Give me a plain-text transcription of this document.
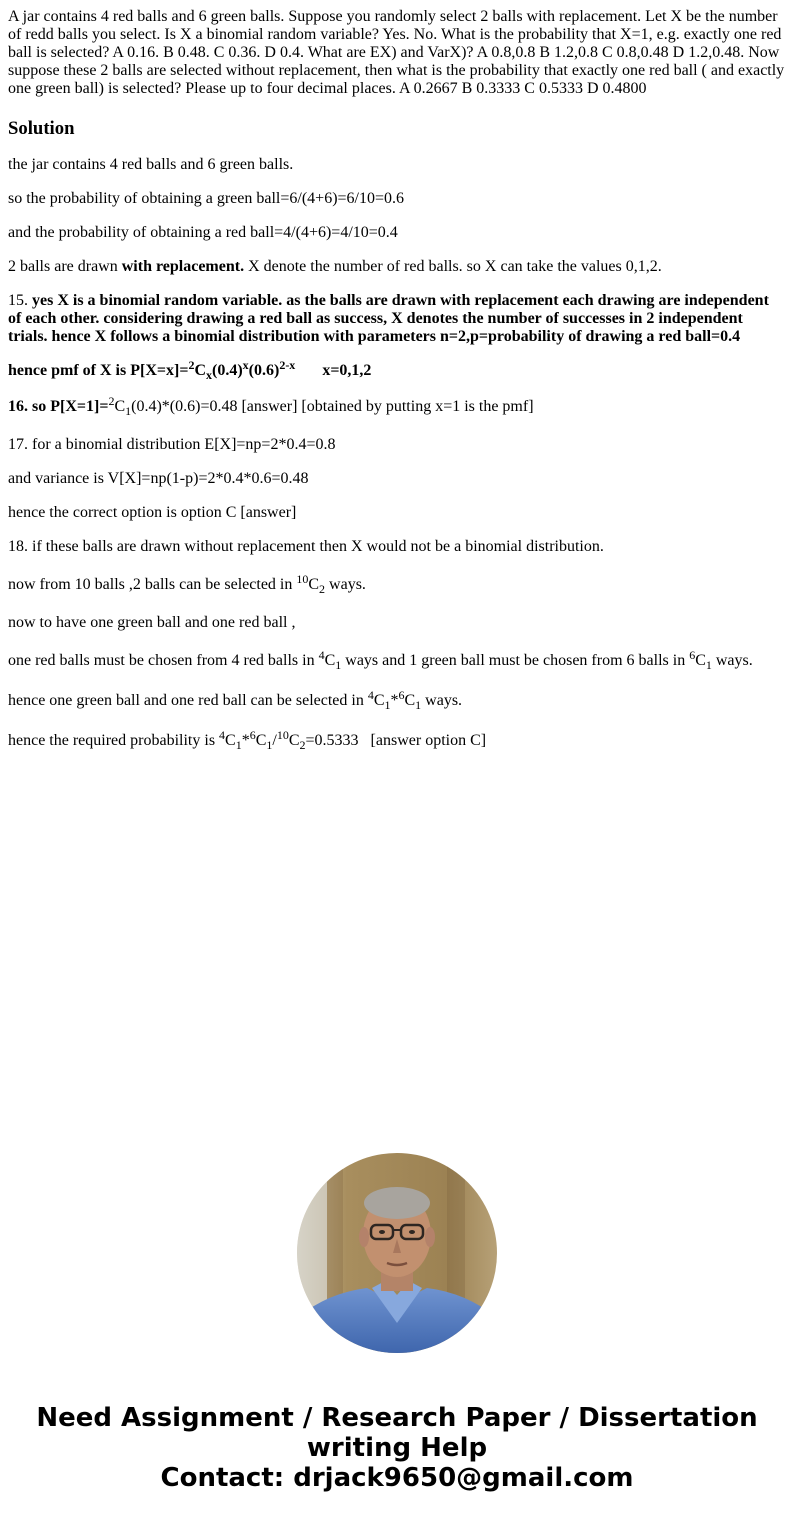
A jar contains 4 red balls and 6 green balls. Suppose you randomly select 2 balls with replacement. Let X be the number of redd balls you select. Is X a binomial random variable? Yes. No. What is the probability that X=1, e.g. exactly one red ball is selected? A 0.16. B 0.48. C 0.36. D 0.4. What are EX) and VarX)? A 0.8,0.8 B 1.2,0.8 C 0.8,0.48 D 1.2,0.48. Now suppose these 2 balls are selected without replacement, then what is the probability that exactly one red ball ( and exactly one green ball) is selected? Please up to four decimal places. A 0.2667 B 0.3333 C 0.5333 D 0.4800
Solution
the jar contains 4 red balls and 6 green balls.
so the probability of obtaining a green ball=6/(4+6)=6/10=0.6
and the probability of obtaining a red ball=4/(4+6)=4/10=0.4
2 balls are drawn with replacement. X denote the number of red balls. so X can take the values 0,1,2.
15. yes X is a binomial random variable. as the balls are drawn with replacement each drawing are independent of each other. considering drawing a red ball as success, X denotes the number of successes in 2 independent trials. hence X follows a binomial distribution with parameters n=2,p=probability of drawing a red ball=0.4
hence pmf of X is $P[X=x]=^2C_x(0.4)^x(0.6)^{2-x}$ x=0,1,2
16. so $P[X=1]=^2C_1(0.4)*(0.6)=0.48$ [answer] [obtained by putting x=1 is the pmf]
17. for a binomial distribution E[X]=np=2*0.4=0.8
and variance is V[X]=np(1-p)=2*0.4*0.6=0.48
hence the correct option is option C [answer]
18. if these balls are drawn without replacement then X would not be a binomial distribution.
now from 10 balls ,2 balls can be selected in $^{10}C_2$ ways.
now to have one green ball and one red ball ,
one red balls must be chosen from 4 red balls in $^4C_1$ ways and 1 green ball must be chosen from 6 balls in $^6C_1$ ways.
hence one green ball and one red ball can be selected in $^4C_1*^6C_1$ ways.
hence the required probability is $^4C_1*^6C_1/^{10}C_2=0.5333$ [answer option C]
Need Assignment / Research Paper / Dissertation
writing Help
Contact: drjack9650@gmail.com
